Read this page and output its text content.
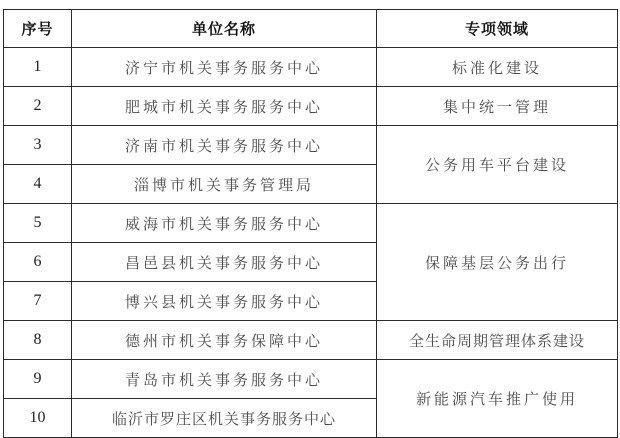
序号	单位名称	专项领域
1	济宁市机关事务服务中心	标准化建设
2	肥城市机关事务服务中心	集中统一管理
3	济南市机关事务服务中心	公务用车平台建设
4	淄博市机关事务管理局	
5	威海市机关事务服务中心	保障基层公务出行
6	昌邑县机关事务服务中心	
7	博兴县机关事务服务中心	
8	德州市机关事务保障中心	全生命周期管理体系建设
9	青岛市机关事务服务中心	新能源汽车推广使用
10	临沂市罗庄区机关事务服务中心	
